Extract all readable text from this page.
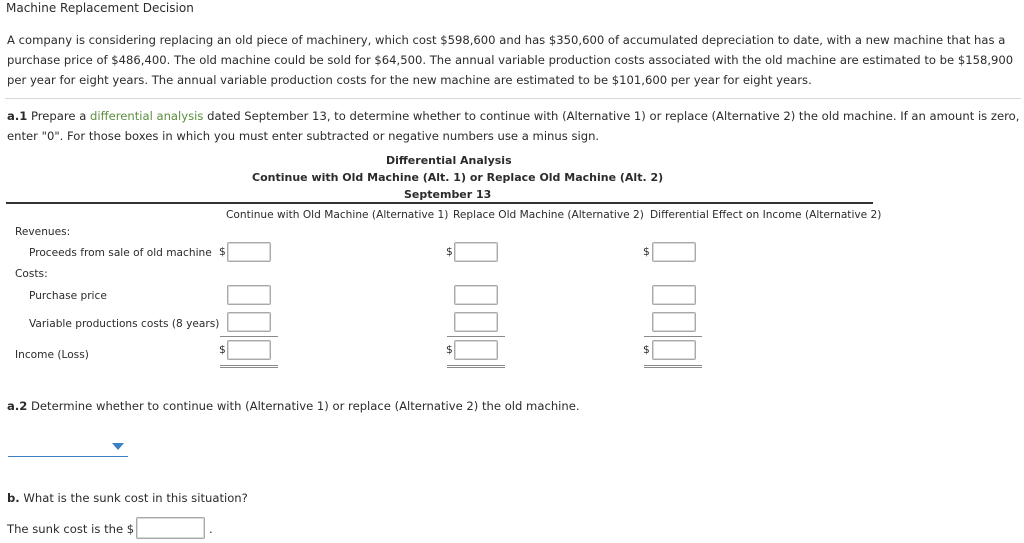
Machine Replacement Decision
A company is considering replacing an old piece of machinery, which cost $598,600 and has $350,600 of accumulated depreciation to date, with a new machine that has a
purchase price of $486,400. The old machine could be sold for $64,500. The annual variable production costs associated with the old machine are estimated to be $158,900
per year for eight years. The annual variable production costs for the new machine are estimated to be $101,600 per year for eight years.
a.1 Prepare a differential analysis dated September 13, to determine whether to continue with (Alternative 1) or replace (Alternative 2) the old machine. If an amount is zero,
enter "0". For those boxes in which you must enter subtracted or negative numbers use a minus sign.
Differential Analysis
Continue with Old Machine (Alt. 1) or Replace Old Machine (Alt. 2)
September 13
Continue with Old Machine (Alternative 1) Replace Old Machine (Alternative 2) Differential Effect on Income (Alternative 2)
Revenues:
Proceeds from sale of old machine
Costs:
Purchase price
Variable productions costs (8 years)
Income (Loss)
$
$
$
$
$
$
a.2 Determine whether to continue with (Alternative 1) or replace (Alternative 2) the old machine.
b. What is the sunk cost in this situation?
The sunk cost is the $	.
